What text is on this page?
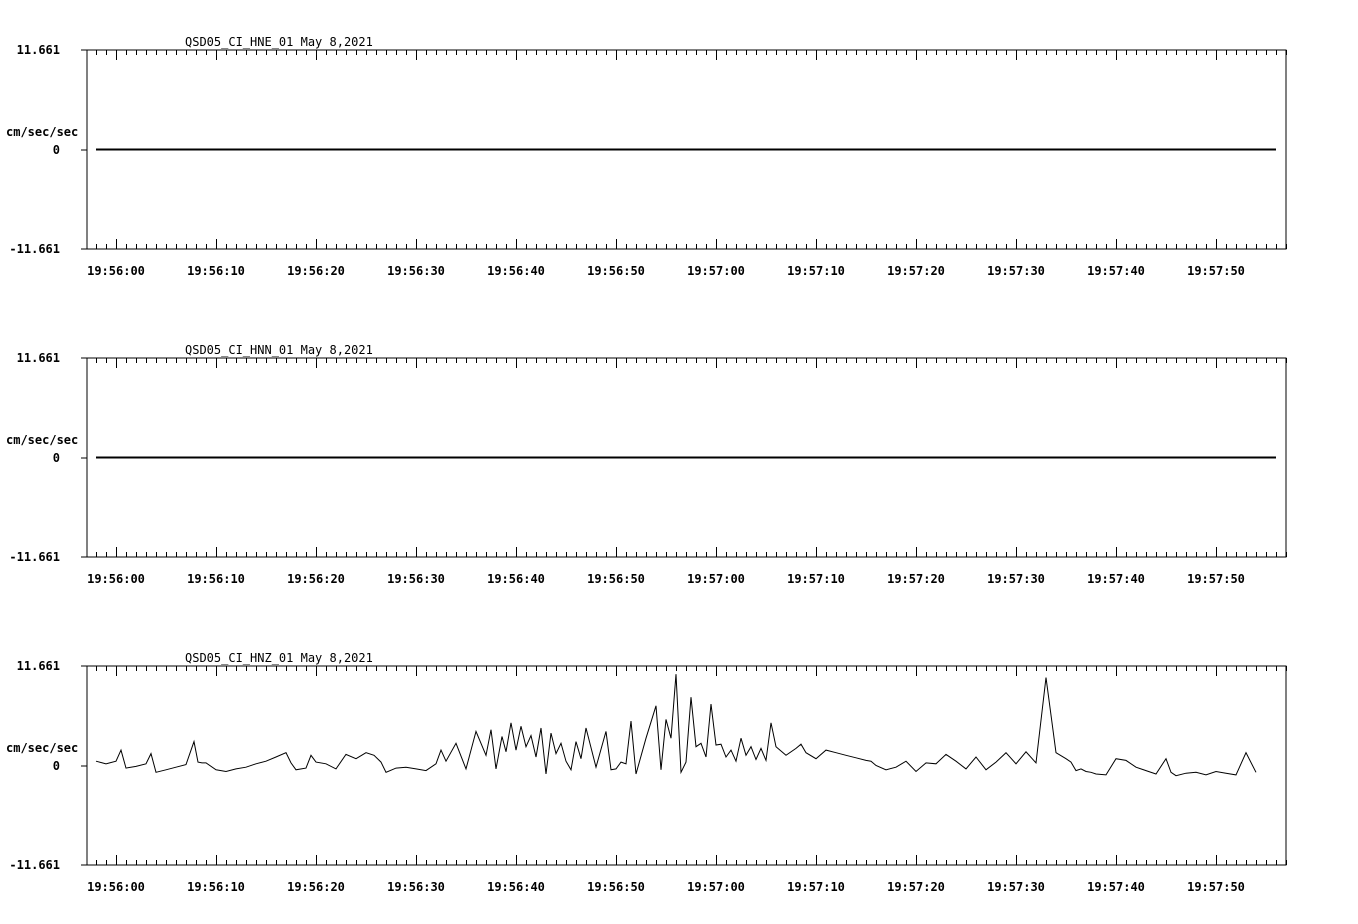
QSD05_CI_HNE_01 May 8,2021
cm/sec/sec
11.661
0
-11.661
19:56:00	19:56:10	19:56:20	19:56:30	19:56:40	19:56:50	19:57:00	19:57:10	19:57:20	19:57:30	19:57:40	19:57:50
QSD05_CI_HNN_01 May 8,2021
cm/sec/sec
11.661
0
-11.661
19:56:00	19:56:10	19:56:20	19:56:30	19:56:40	19:56:50	19:57:00	19:57:10	19:57:20	19:57:30	19:57:40	19:57:50
QSD05_CI_HNZ_01 May 8,2021
cm/sec/sec
11.661
0
-11.661
19:56:00	19:56:10	19:56:20	19:56:30	19:56:40	19:56:50	19:57:00	19:57:10	19:57:20	19:57:30	19:57:40	19:57:50
